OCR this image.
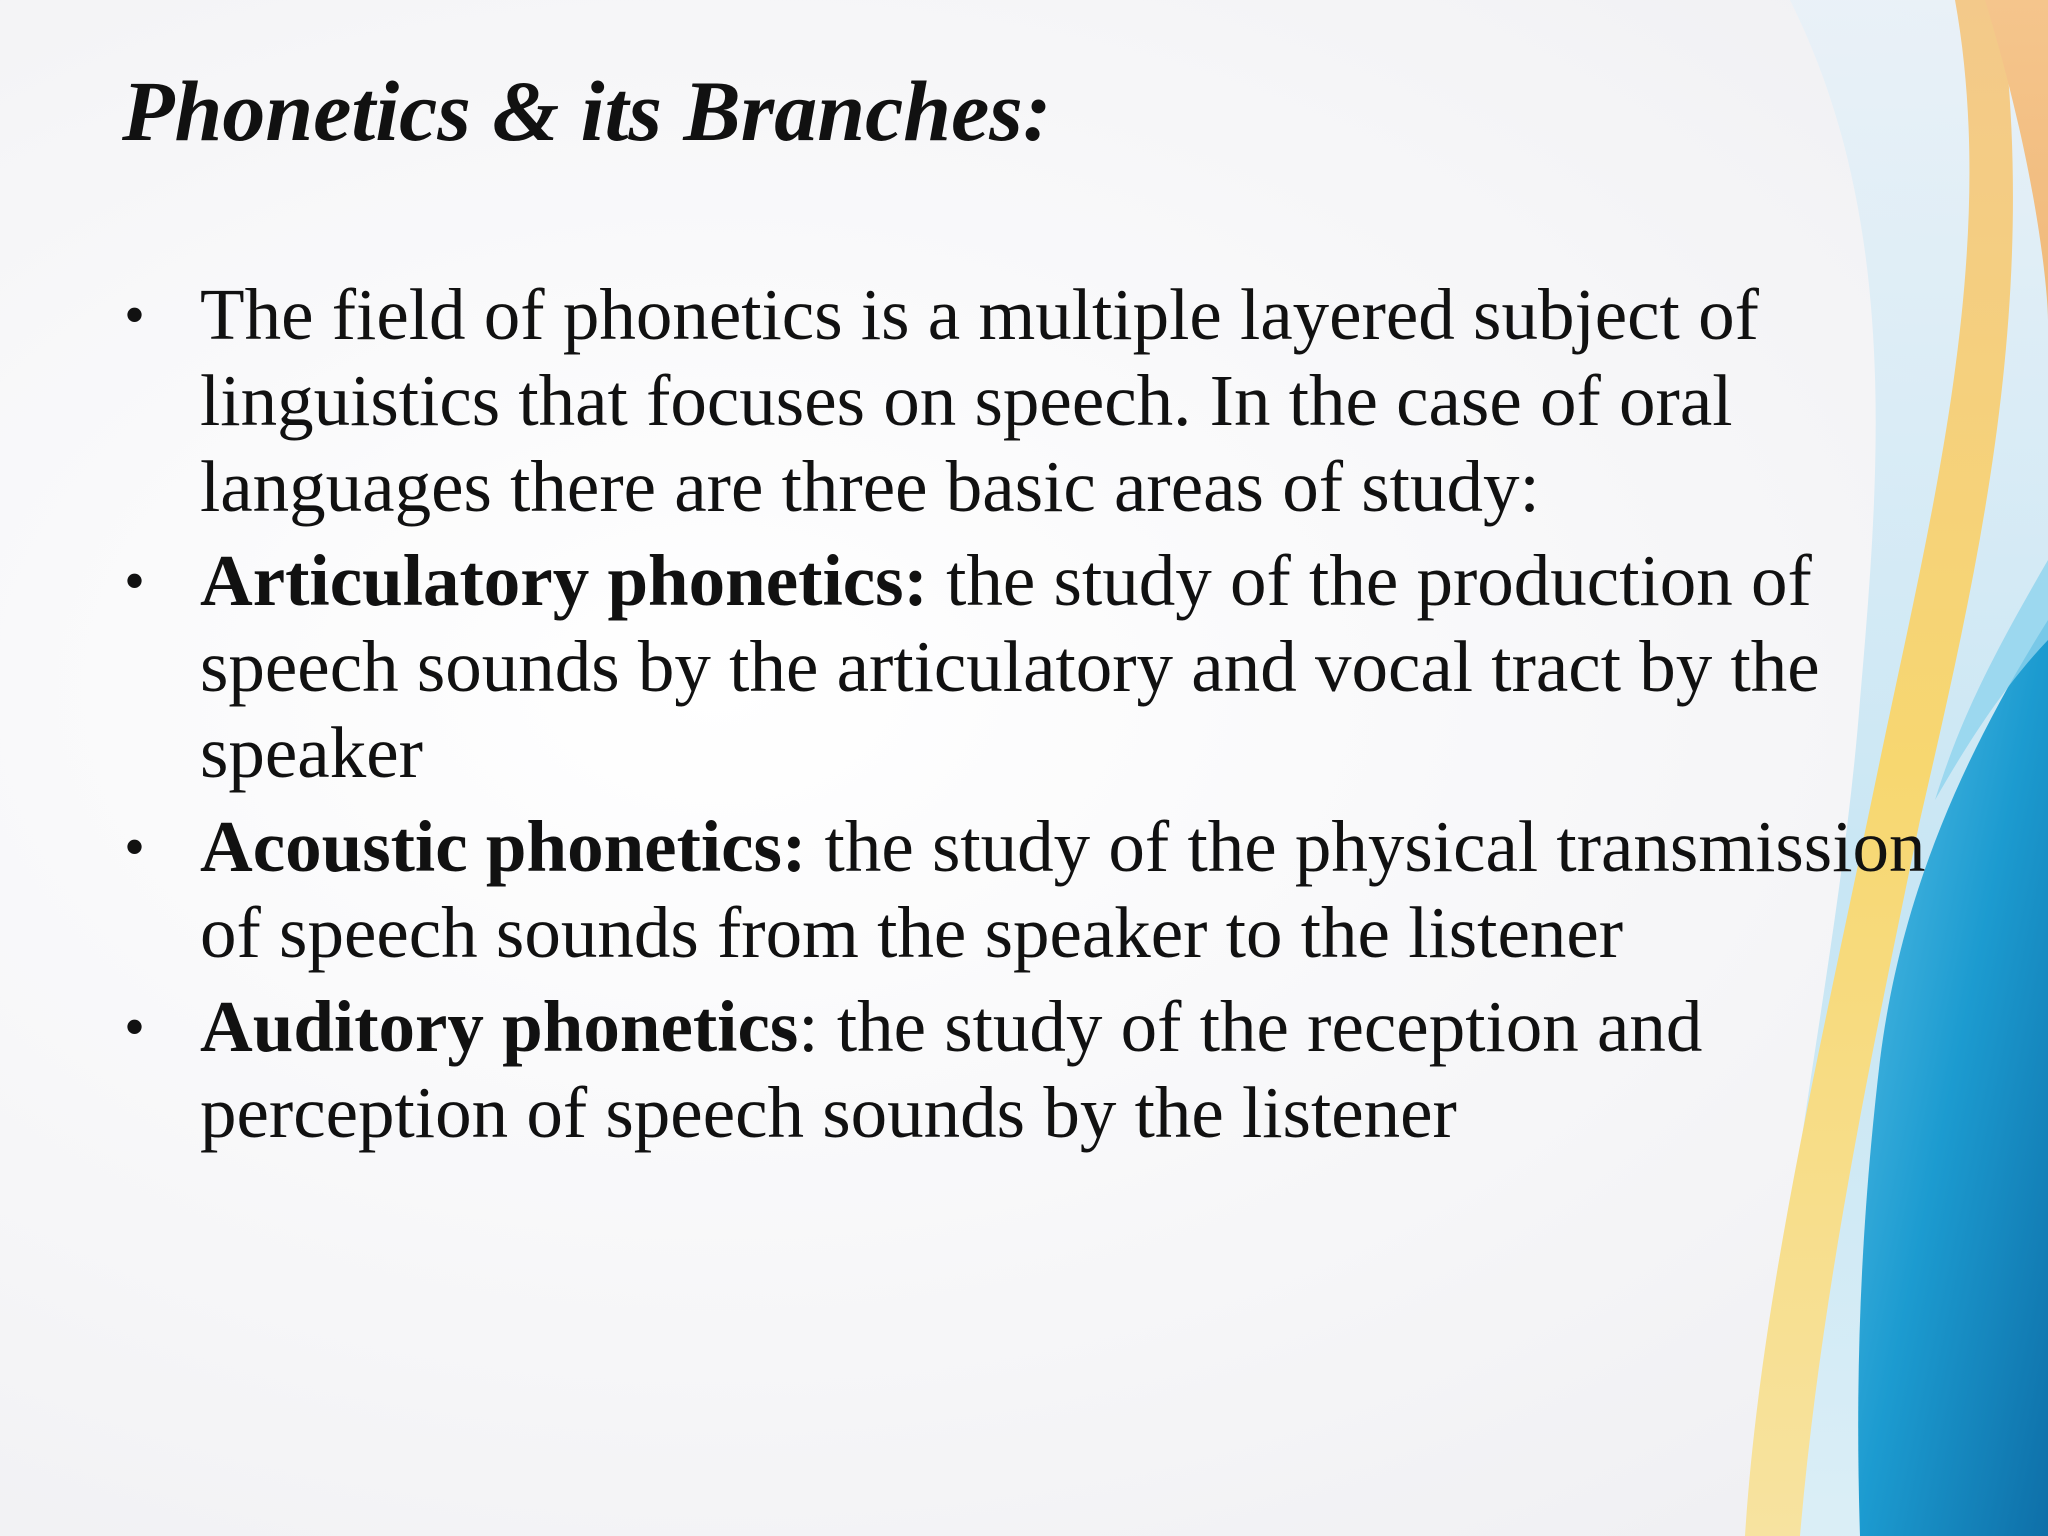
Phonetics & its Branches:
• The field of phonetics is a multiple layered subject of linguistics that focuses on speech. In the case of oral languages there are three basic areas of study:
• Articulatory phonetics: the study of the production of speech sounds by the articulatory and vocal tract by the speaker
• Acoustic phonetics: the study of the physical transmission of speech sounds from the speaker to the listener
• Auditory phonetics: the study of the reception and perception of speech sounds by the listener
